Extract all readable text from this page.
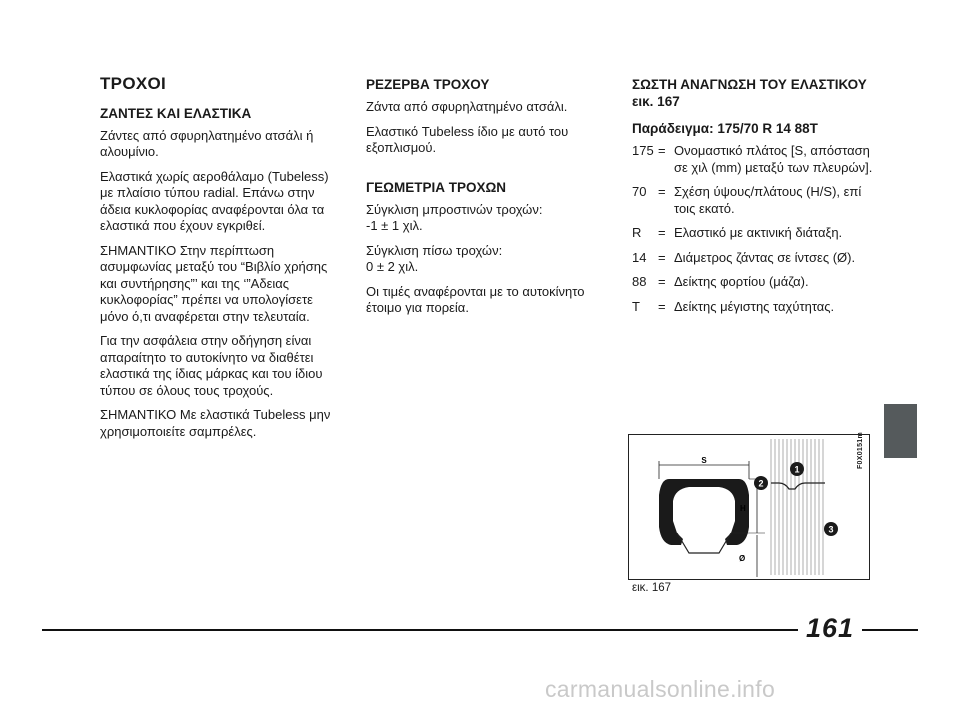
ΤΡΟΧΟΙ
ΖΑΝΤΕΣ ΚΑΙ ΕΛΑΣΤΙΚΑ

Ζάντες από σφυρηλατημένο ατσάλι ή αλουμίνιο.

Ελαστικά χωρίς αεροθάλαμο (Tubeless) με πλαίσιο τύπου radial. Επάνω στην άδεια κυκλοφορίας αναφέρονται όλα τα ελαστικά που έχουν εγκριθεί.

ΣΗΜΑΝΤΙΚΟ Στην περίπτωση ασυμφωνίας μεταξύ του “Βιβλίο χρήσης και συντήρησης”’ και της ‘”Αδειας κυκλοφορίας” πρέπει να υπολογίσετε μόνο ό,τι αναφέρεται στην τελευταία.

Για την ασφάλεια στην οδήγηση είναι απαραίτητο το αυτοκίνητο να διαθέτει ελαστικά της ίδιας μάρκας και του ίδιου τύπου σε όλους τους τροχούς.

ΣΗΜΑΝΤΙΚΟ Με ελαστικά Tubeless μην χρησιμοποιείτε σαμπρέλες.

ΡΕΖΕΡΒΑ ΤΡΟΧΟΥ

Ζάντα από σφυρηλατημένο ατσάλι.

Ελαστικό Tubeless ίδιο με αυτό του εξοπλισμού.

ΓΕΩΜΕΤΡΙΑ ΤΡΟΧΩΝ

Σύγκλιση μπροστινών τροχών:
-1 ± 1 χιλ.

Σύγκλιση πίσω τροχών:
0 ± 2 χιλ.

Οι τιμές αναφέρονται με το αυτοκίνητο έτοιμο για πορεία.

ΣΩΣΤΗ ΑΝΑΓΝΩΣΗ ΤΟΥ ΕΛΑΣΤΙΚΟΥ εικ. 167
Παράδειγμα: 175/70 R 14 88T
175 = Ονομαστικό πλάτος [S, απόσταση σε χιλ (mm) μεταξύ των πλευρών].
70 = Σχέση ύψους/πλάτους (H/S), επί τοις εκατό.
R	= Ελαστικό με ακτινική διάταξη.
14 = Διάμετρος ζάντας σε ίντσες (Ø).
88 = Δείκτης φορτίου (μάζα).
T	= Δείκτης μέγιστης ταχύτητας.
S
H
Ø
1
2
3
F0X0151m
εικ. 167
161
carmanualsonline.info
